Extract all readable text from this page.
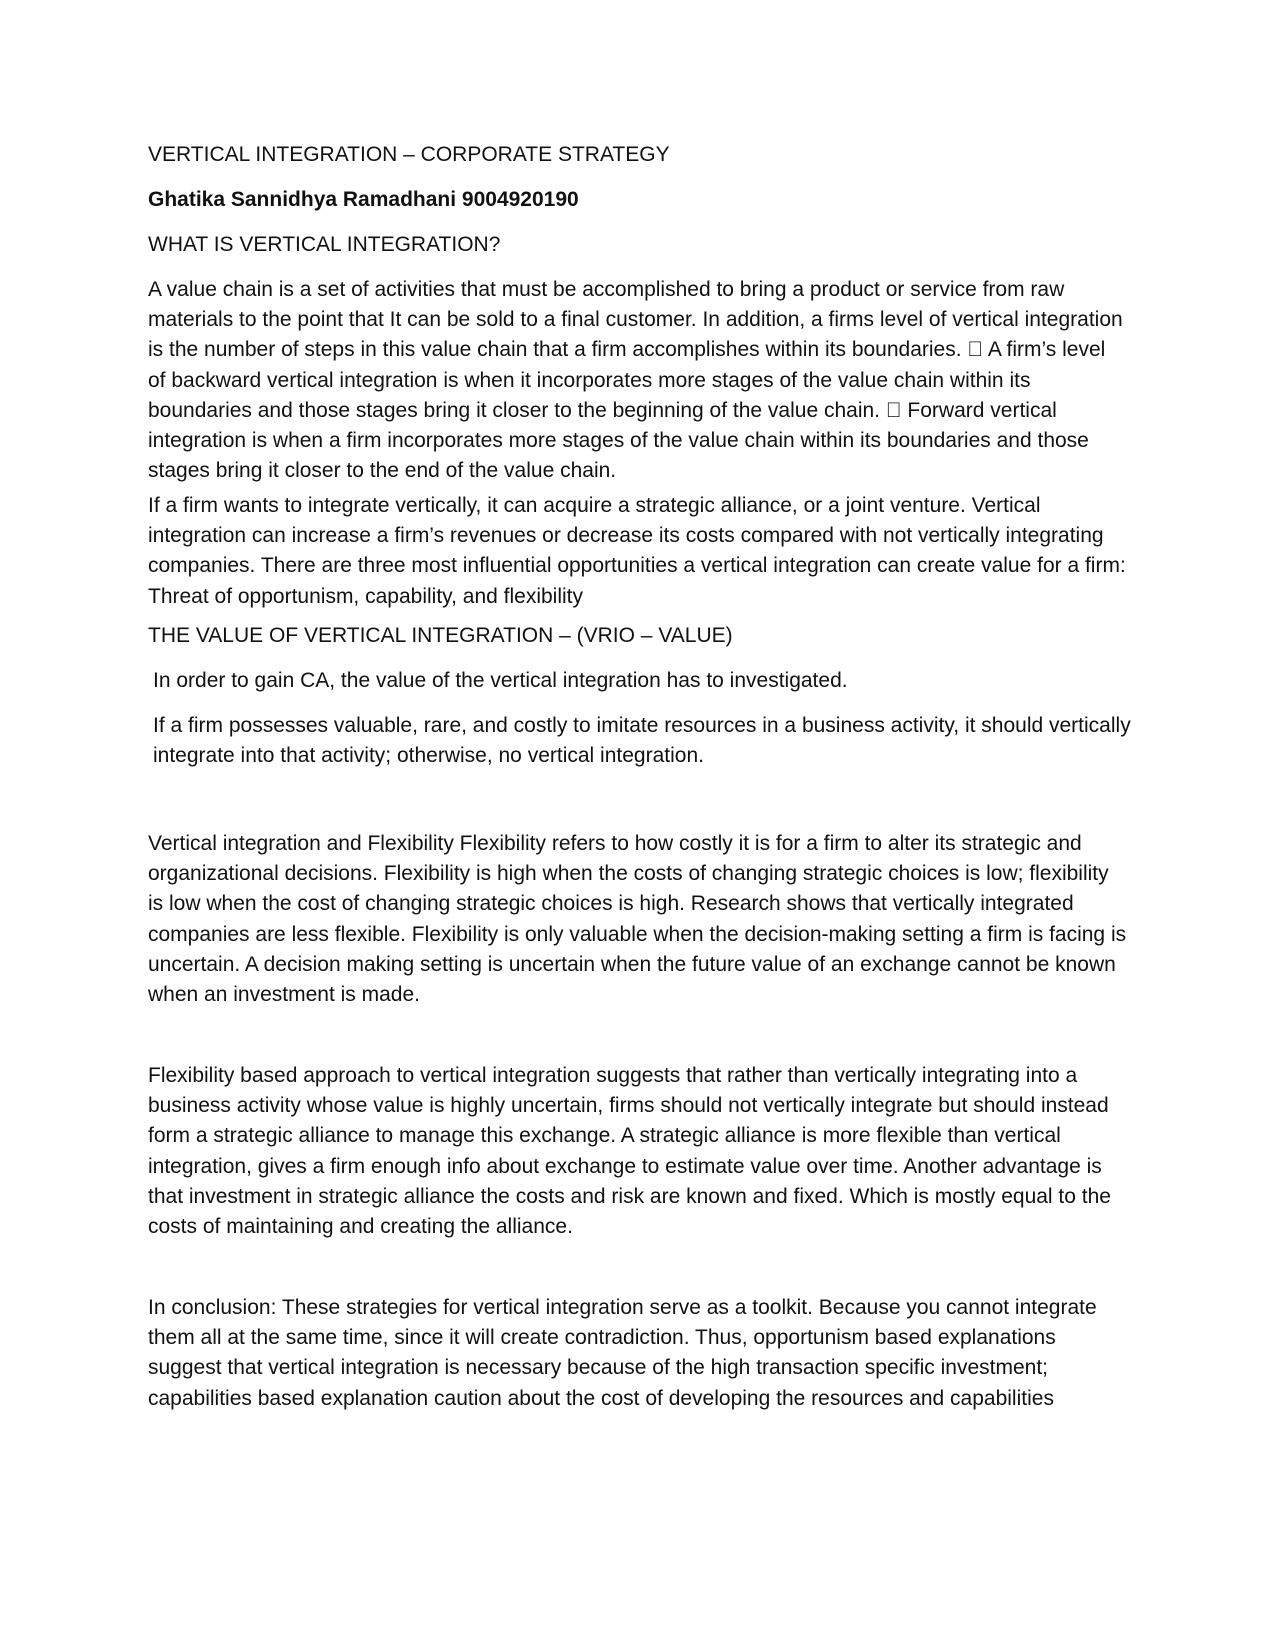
VERTICAL INTEGRATION – CORPORATE STRATEGY

Ghatika Sannidhya Ramadhani 9004920190

WHAT IS VERTICAL INTEGRATION?

A value chain is a set of activities that must be accomplished to bring a product or service from raw materials to the point that It can be sold to a final customer. In addition, a firms level of vertical integration is the number of steps in this value chain that a firm accomplishes within its boundaries.   A firm’s level of backward vertical integration is when it incorporates more stages of the value chain within its boundaries and those stages bring it closer to the beginning of the value chain.   Forward vertical integration is when a firm incorporates more stages of the value chain within its boundaries and those stages bring it closer to the end of the value chain.

If a firm wants to integrate vertically, it can acquire a strategic alliance, or a joint venture. Vertical integration can increase a firm’s revenues or decrease its costs compared with not vertically integrating companies. There are three most influential opportunities a vertical integration can create value for a firm: Threat of opportunism, capability, and flexibility

THE VALUE OF VERTICAL INTEGRATION – (VRIO – VALUE)

In order to gain CA, the value of the vertical integration has to investigated.

If a firm possesses valuable, rare, and costly to imitate resources in a business activity, it should vertically integrate into that activity; otherwise, no vertical integration.

Vertical integration and Flexibility Flexibility refers to how costly it is for a firm to alter its strategic and organizational decisions. Flexibility is high when the costs of changing strategic choices is low; flexibility is low when the cost of changing strategic choices is high. Research shows that vertically integrated companies are less flexible. Flexibility is only valuable when the decision-making setting a firm is facing is uncertain. A decision making setting is uncertain when the future value of an exchange cannot be known when an investment is made.

Flexibility based approach to vertical integration suggests that rather than vertically integrating into a business activity whose value is highly uncertain, firms should not vertically integrate but should instead form a strategic alliance to manage this exchange. A strategic alliance is more flexible than vertical integration, gives a firm enough info about exchange to estimate value over time. Another advantage is that investment in strategic alliance the costs and risk are known and fixed. Which is mostly equal to the costs of maintaining and creating the alliance.

In conclusion: These strategies for vertical integration serve as a toolkit. Because you cannot integrate them all at the same time, since it will create contradiction. Thus, opportunism based explanations suggest that vertical integration is necessary because of the high transaction specific investment; capabilities based explanation caution about the cost of developing the resources and capabilities
